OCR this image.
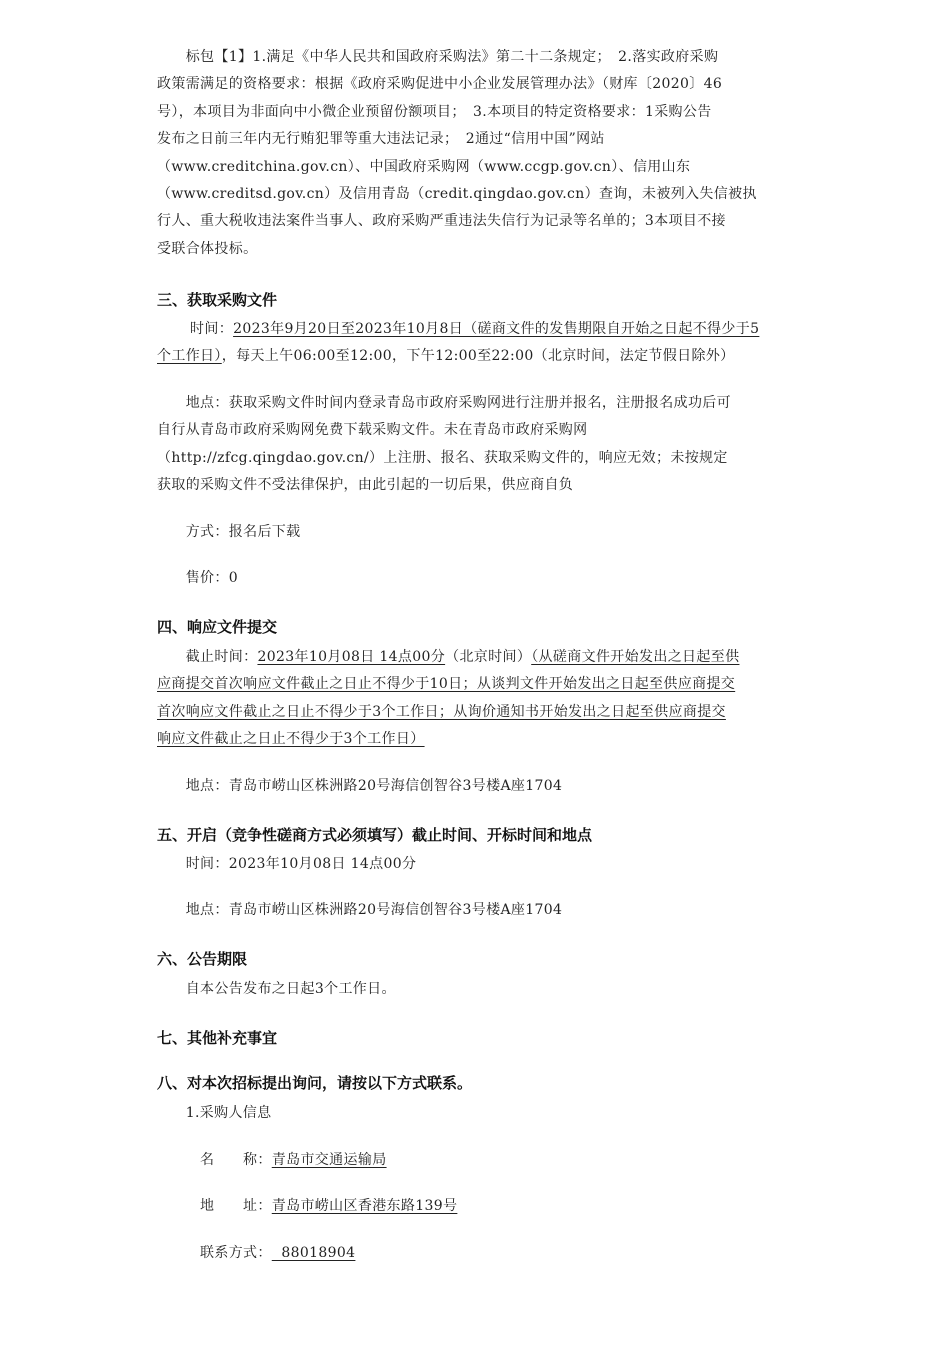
　　标包【1】1.满足《中华人民共和国政府采购法》第二十二条规定；　2.落实政府采购
政策需满足的资格要求：根据《政府采购促进中小企业发展管理办法》（财库〔2020〕46
号），本项目为非面向中小微企业预留份额项目；　3.本项目的特定资格要求：1采购公告
发布之日前三年内无行贿犯罪等重大违法记录；　2通过“信用中国”网站
（www.creditchina.gov.cn）、中国政府采购网（www.ccgp.gov.cn）、信用山东
（www.creditsd.gov.cn）及信用青岛（credit.qingdao.gov.cn）查询，未被列入失信被执
行人、重大税收违法案件当事人、政府采购严重违法失信行为记录等名单的；3本项目不接
受联合体投标。
三、获取采购文件
时间：2023年9月20日至2023年10月8日（磋商文件的发售期限自开始之日起不得少于5
个工作日），每天上午06:00至12:00，下午12:00至22:00（北京时间，法定节假日除外）
　　地点：获取采购文件时间内登录青岛市政府采购网进行注册并报名，注册报名成功后可
自行从青岛市政府采购网免费下载采购文件。未在青岛市政府采购网
（http://zfcg.qingdao.gov.cn/）上注册、报名、获取采购文件的，响应无效；未按规定
获取的采购文件不受法律保护，由此引起的一切后果，供应商自负
　　方式：报名后下载
　　售价：0
四、响应文件提交
　　截止时间：2023年10月08日 14点00分（北京时间）（从磋商文件开始发出之日起至供
应商提交首次响应文件截止之日止不得少于10日；从谈判文件开始发出之日起至供应商提交
首次响应文件截止之日止不得少于3个工作日；从询价通知书开始发出之日起至供应商提交
响应文件截止之日止不得少于3个工作日）
　　地点：青岛市崂山区株洲路20号海信创智谷3号楼A座1704
五、开启（竞争性磋商方式必须填写）截止时间、开标时间和地点
　　时间：2023年10月08日 14点00分
　　地点：青岛市崂山区株洲路20号海信创智谷3号楼A座1704
六、公告期限
　　自本公告发布之日起3个工作日。
七、其他补充事宜
八、对本次招标提出询问，请按以下方式联系。
　　1.采购人信息
名　　称：青岛市交通运输局
地　　址：青岛市崂山区香港东路139号
联系方式：  88018904
